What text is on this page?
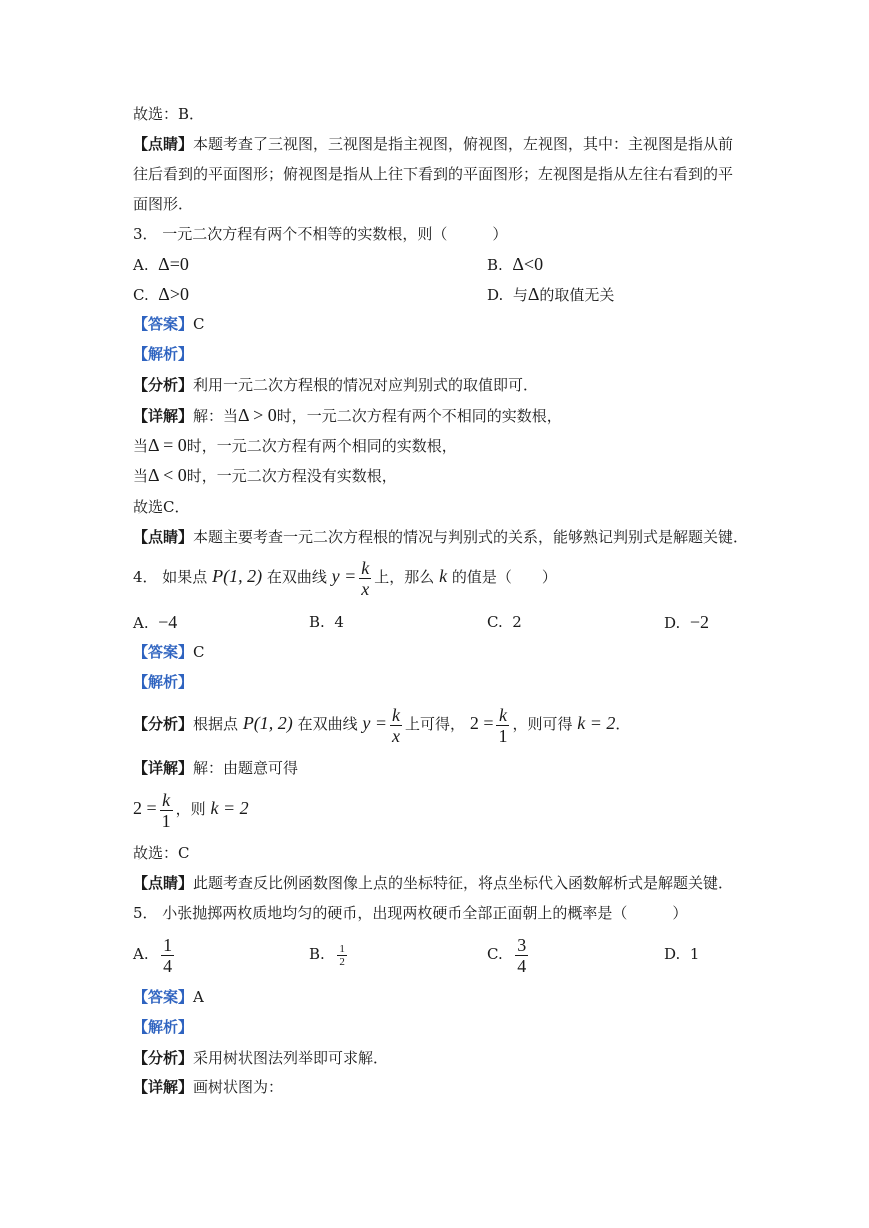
故选：B．
【点睛】本题考查了三视图，三视图是指主视图，俯视图，左视图，其中：主视图是指从前
往后看到的平面图形；俯视图是指从上往下看到的平面图形；左视图是指从左往右看到的平
面图形．
3． 一元二次方程有两个不相等的实数根，则（　　　）
A. Δ=0	B. Δ<0
C. Δ>0	D. 与Δ的取值无关
【答案】C
【解析】
【分析】利用一元二次方程根的情况对应判别式的取值即可．
【详解】解：当Δ > 0时，一元二次方程有两个不相同的实数根，
当Δ = 0时，一元二次方程有两个相同的实数根，
当Δ < 0时，一元二次方程没有实数根，
故选C．
【点睛】本题主要考查一元二次方程根的情况与判别式的关系，能够熟记判别式是解题关键．
4． 如果点 P(1, 2) 在双曲线 $y = \frac{k}{x}$ 上，那么 k 的值是（　　）
A. −4	B. 4	C. 2	D. −2
【答案】C
【解析】
【分析】根据点 P(1, 2) 在双曲线 $y = \frac{k}{x}$ 上可得， $2 = \frac{k}{1}$ ，则可得 k = 2．
【详解】解：由题意可得
$2 = \frac{k}{1}$ ，则 k = 2
故选：C
【点睛】此题考查反比例函数图像上点的坐标特征，将点坐标代入函数解析式是解题关键．
5． 小张抛掷两枚质地均匀的硬币，出现两枚硬币全部正面朝上的概率是（　　　）
A. $\frac{1}{4}$	B. $\frac{1}{2}$	C. $\frac{3}{4}$	D. 1
【答案】A
【解析】
【分析】采用树状图法列举即可求解．
【详解】画树状图为：
